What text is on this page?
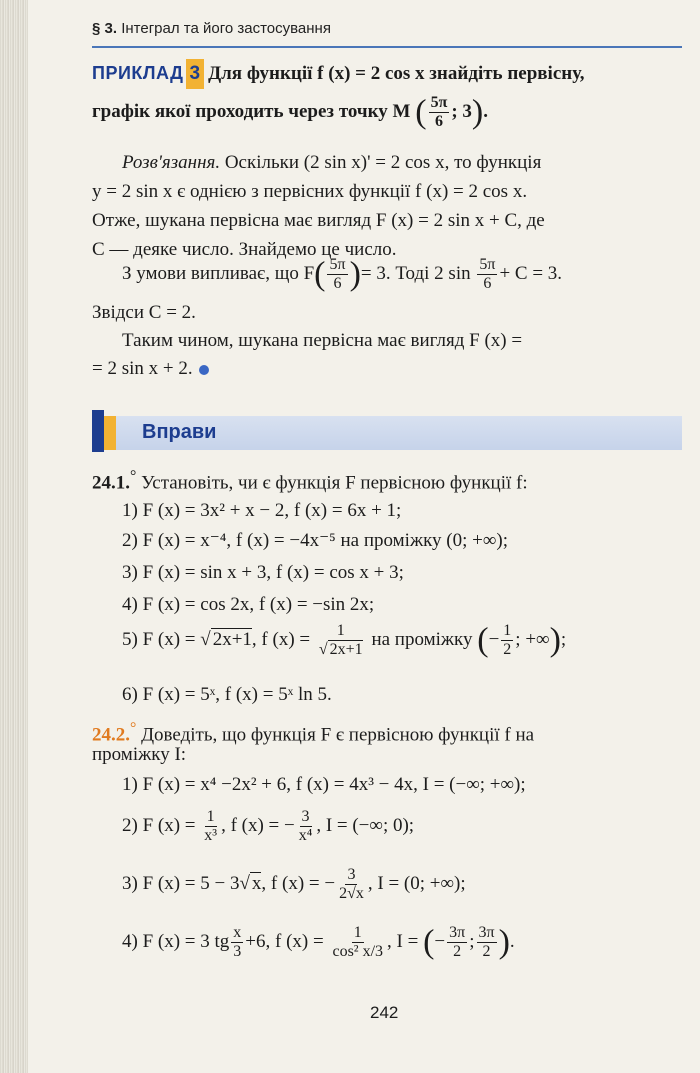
§ 3. Інтеграл та його застосування
ПРИКЛАД 3 Для функції f (x) = 2 cos x знайдіть первісну,
графік якої проходить через точку M ( $\frac{5\pi}{6}$ ; 3).
Розв'язання. Оскільки (2 sin x)' = 2 cos x, то функція
y = 2 sin x є однією з первісних функції f (x) = 2 cos x.
Отже, шукана первісна має вигляд F (x) = 2 sin x + C, де
C — деяке число. Знайдемо це число.
З умови випливає, що $F( \frac{5\pi}{6}$ )= 3. Тоді 2 $\sin \frac{5\pi}{6} + C = 3$.
Звідси C = 2.
Таким чином, шукана первісна має вигляд F (x) =
= 2 sin x + 2.
Вправи
24.1.° Установіть, чи є функція F первісною функції f:
1) F (x) = 3x² + x − 2, f (x) = 6x + 1;
2) F (x) = x⁻⁴, f (x) = −4x⁻⁵ на проміжку (0; +∞);
3) F (x) = sin x + 3, f (x) = cos x + 3;
4) F (x) = cos 2x, f (x) = −sin 2x;
5) F (x) = √ 2x+1, f $(x) = \frac{1}{√ 2x+1}$ на проміжку (− $\frac{1}{2}$ ; +∞);
6) F (x) = 5ˣ, f (x) = 5ˣ ln 5.
24.2.° Доведіть, що функція F є первісною функції f на
проміжку I:
1) F (x) = x⁴ −2x² + 6, f (x) = 4x³ − 4x, I = (−∞; +∞);
2) F $(x) = \frac{1}{\text{x³}}$ , f (x) = − $\frac{3}{\text{x⁴}}$ , I = (−∞; 0);
3) F (x) = 5 − 3√ x, f (x) = − $\frac{3}{2√x}$ , I = (0; +∞);
4) F (x) = 3 tg $\frac{x}{3} +6$, f $(x) = \frac{1}{\text{cos² x/3}}$ , I = (− $\frac{3\pi}{2}$ ; $\frac{3\pi}{2}$ ).
242
